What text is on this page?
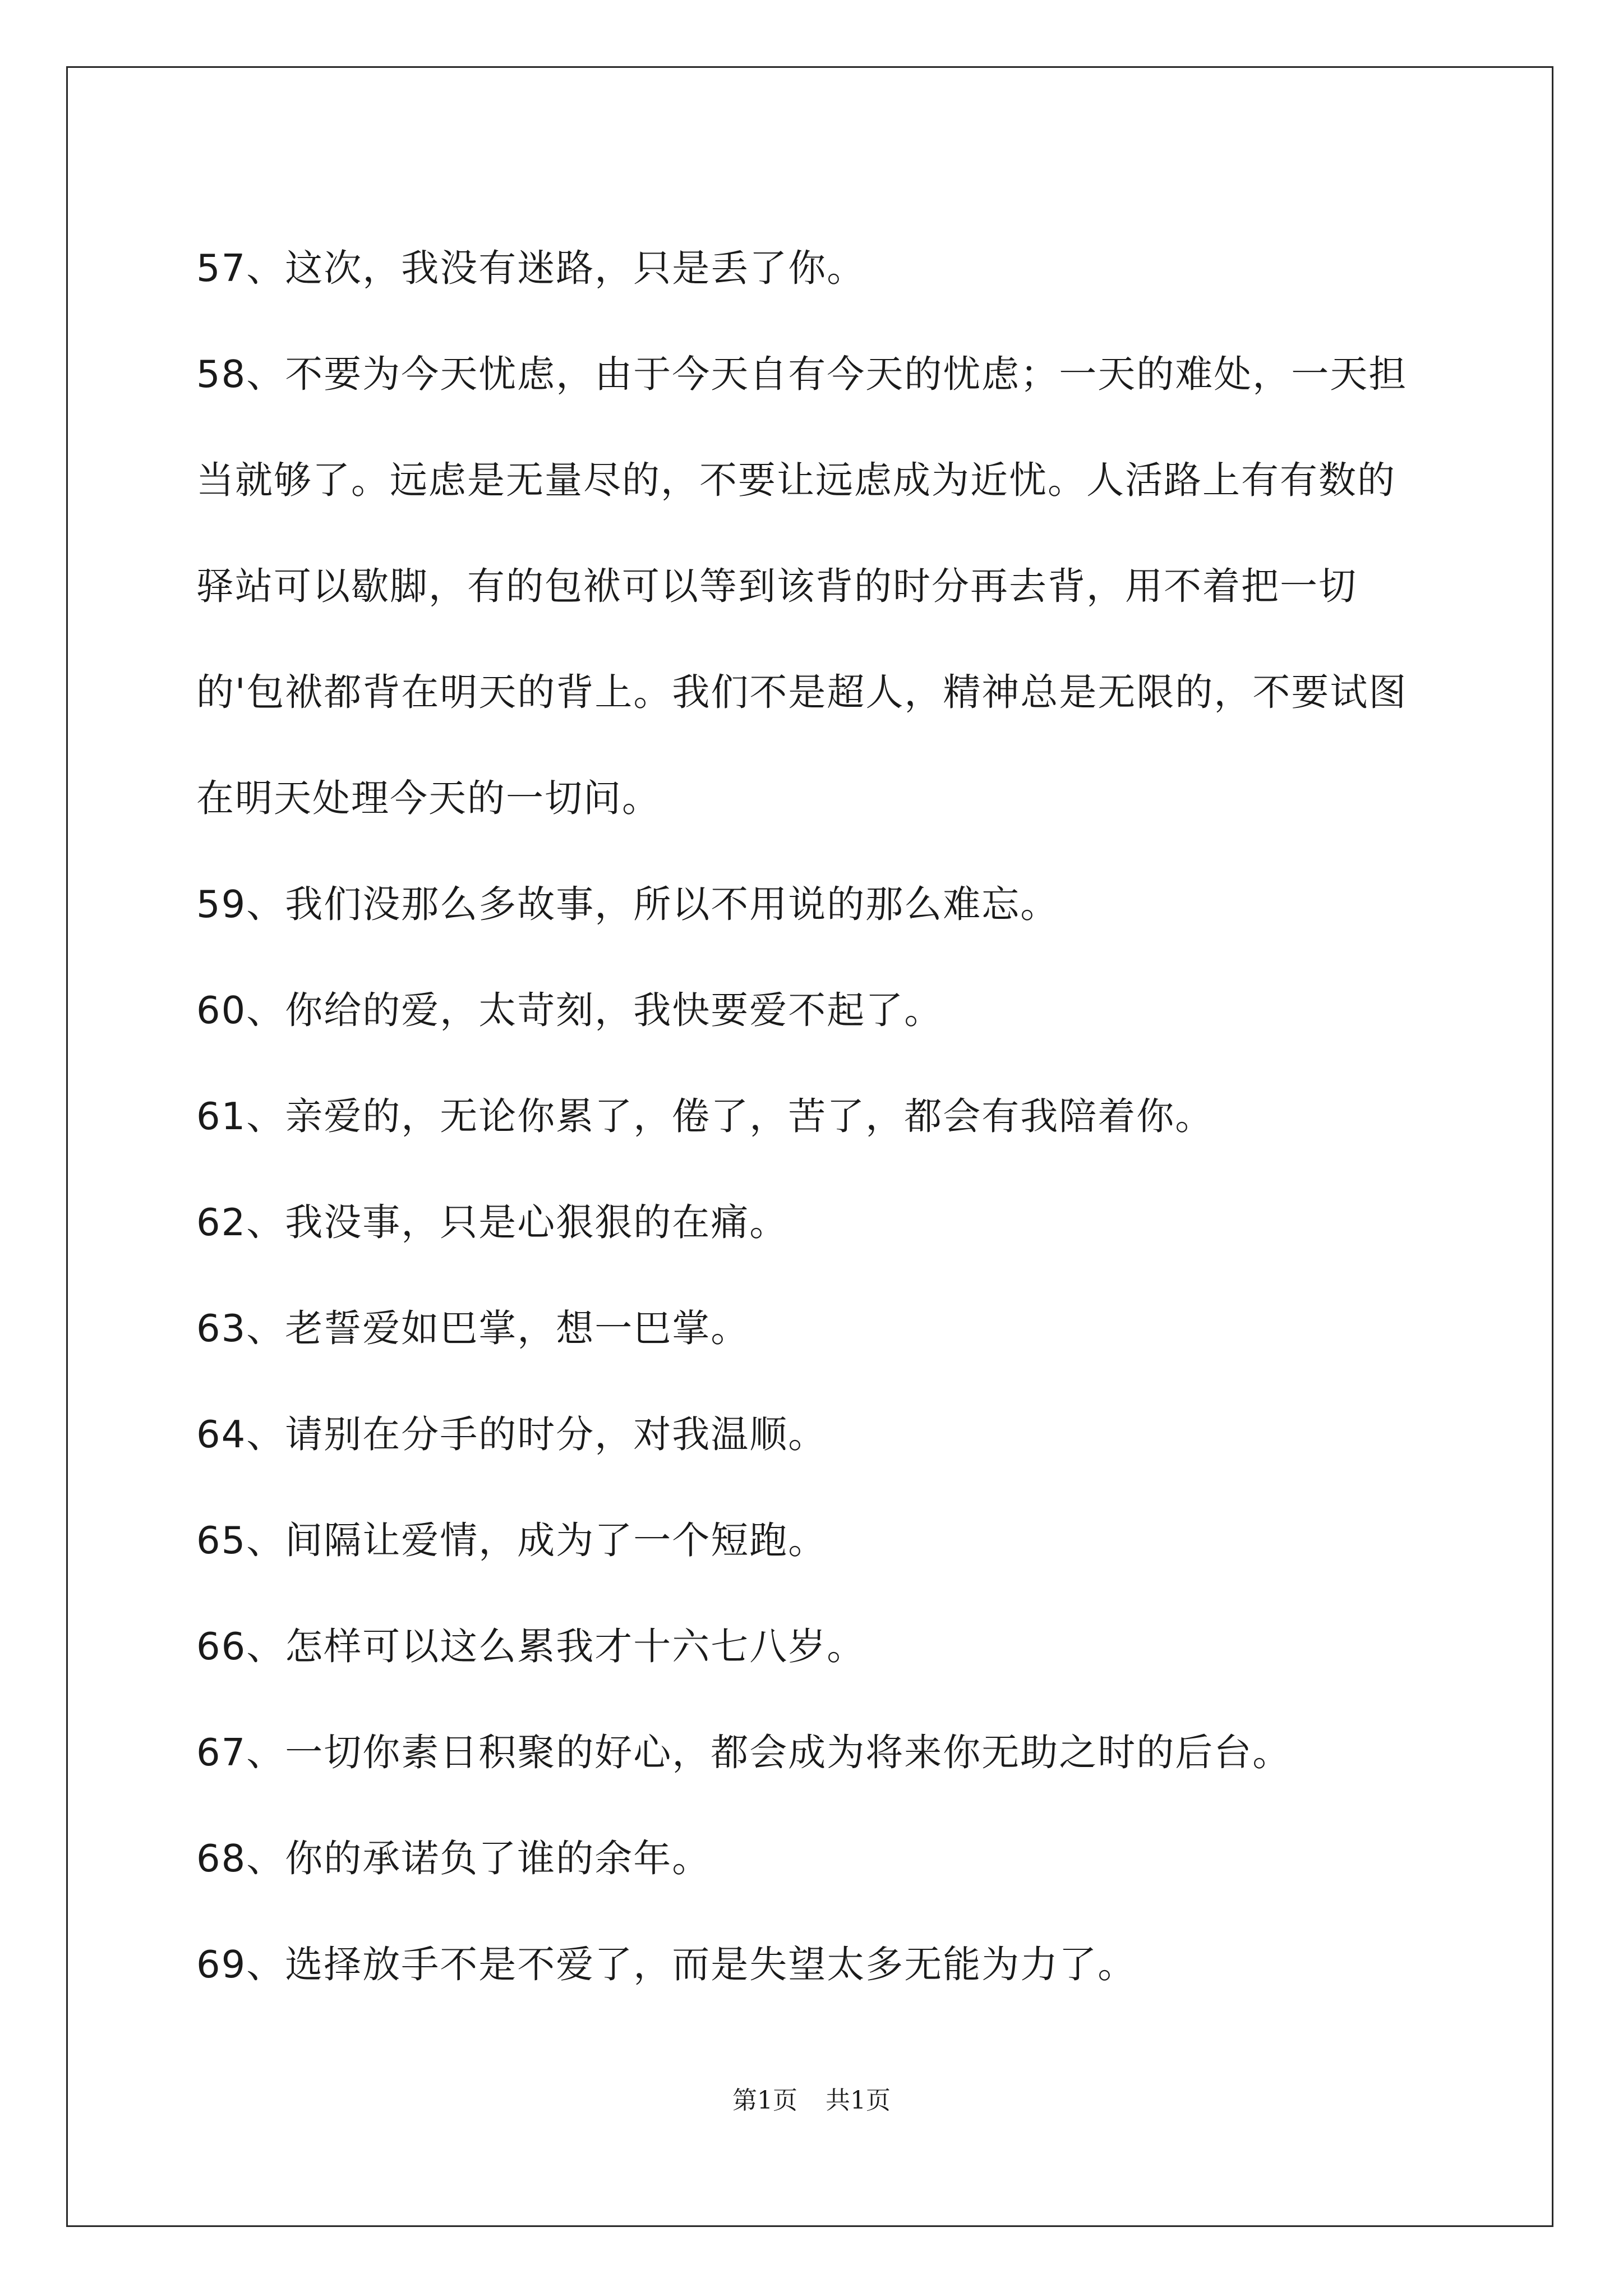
57、这次，我没有迷路，只是丢了你。

58、不要为今天忧虑，由于今天自有今天的忧虑；一天的难处，一天担当就够了。远虑是无量尽的，不要让远虑成为近忧。人活路上有有数的驿站可以歇脚，有的包袱可以等到该背的时分再去背，用不着把一切的'包袱都背在明天的背上。我们不是超人，精神总是无限的，不要试图在明天处理今天的一切问。

59、我们没那么多故事，所以不用说的那么难忘。

60、你给的爱，太苛刻，我快要爱不起了。

61、亲爱的，无论你累了，倦了，苦了，都会有我陪着你。

62、我没事，只是心狠狠的在痛。

63、老誓爱如巴掌，想一巴掌。

64、请别在分手的时分，对我温顺。

65、间隔让爱情，成为了一个短跑。

66、怎样可以这么累我才十六七八岁。

67、一切你素日积聚的好心，都会成为将来你无助之时的后台。

68、你的承诺负了谁的余年。

69、选择放手不是不爱了，而是失望太多无能为力了。

第1页 共1页
